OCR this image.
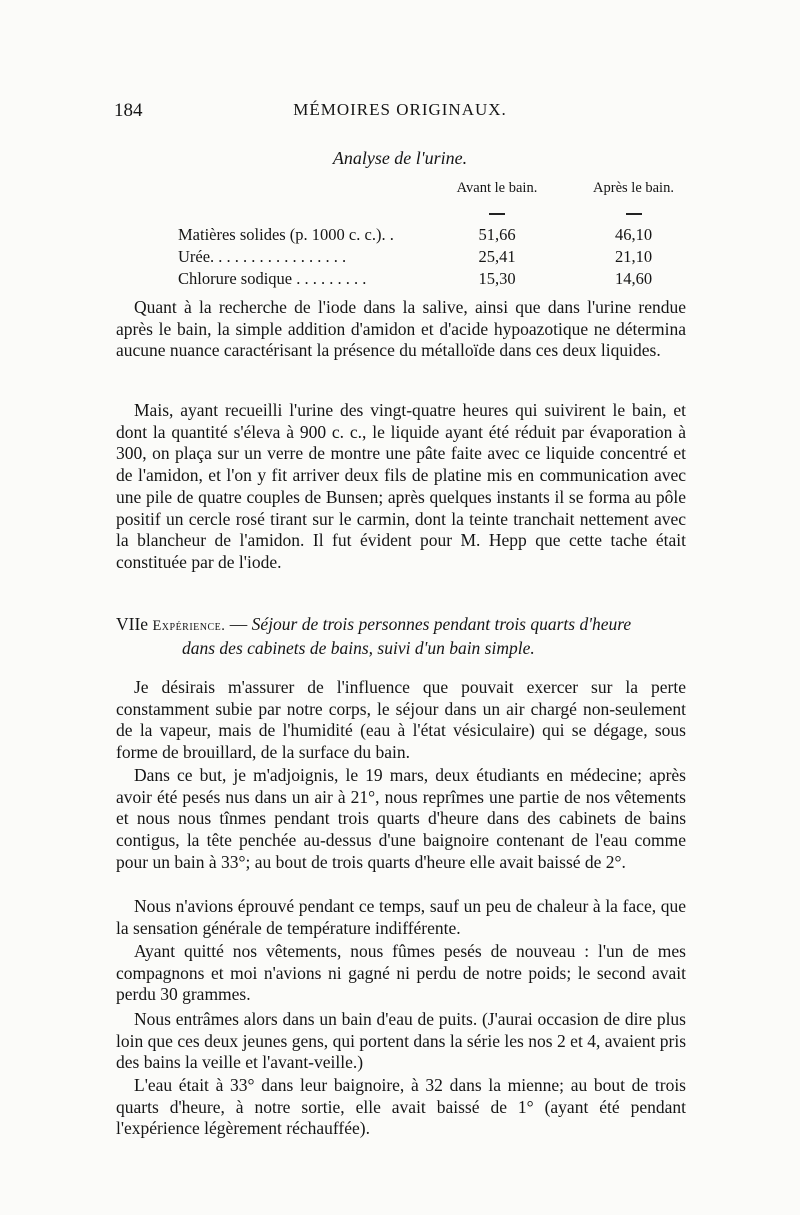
184	MÉMOIRES ORIGINAUX.
Analyse de l'urine.
	Avant le bain.	Après le bain.

Matières solides (p. 1000 c. c.). .	51,66	46,10
Urée. . . . . . . . . . . . . . . . .	25,41	21,10
Chlorure sodique . . . . . . . . .	15,30	14,60

Quant à la recherche de l'iode dans la salive, ainsi que dans l'urine rendue après le bain, la simple addition d'amidon et d'acide hypoazotique ne détermina aucune nuance caractérisant la présence du métalloïde dans ces deux liquides.

Mais, ayant recueilli l'urine des vingt-quatre heures qui suivirent le bain, et dont la quantité s'éleva à 900 c. c., le liquide ayant été réduit par évaporation à 300, on plaça sur un verre de montre une pâte faite avec ce liquide concentré et de l'amidon, et l'on y fit arriver deux fils de platine mis en communication avec une pile de quatre couples de Bunsen; après quelques instants il se forma au pôle positif un cercle rosé tirant sur le carmin, dont la teinte tranchait nettement avec la blancheur de l'amidon. Il fut évident pour M. Hepp que cette tache était constituée par de l'iode.

VIIe Expérience. — Séjour de trois personnes pendant trois quarts d'heure
dans des cabinets de bains, suivi d'un bain simple.

Je désirais m'assurer de l'influence que pouvait exercer sur la perte constamment subie par notre corps, le séjour dans un air chargé non-seulement de la vapeur, mais de l'humidité (eau à l'état vésiculaire) qui se dégage, sous forme de brouillard, de la surface du bain.

Dans ce but, je m'adjoignis, le 19 mars, deux étudiants en médecine; après avoir été pesés nus dans un air à 21°, nous reprîmes une partie de nos vêtements et nous nous tînmes pendant trois quarts d'heure dans des cabinets de bains contigus, la tête penchée au-dessus d'une baignoire contenant de l'eau comme pour un bain à 33°; au bout de trois quarts d'heure elle avait baissé de 2°.

Nous n'avions éprouvé pendant ce temps, sauf un peu de chaleur à la face, que la sensation générale de température indifférente.

Ayant quitté nos vêtements, nous fûmes pesés de nouveau : l'un de mes compagnons et moi n'avions ni gagné ni perdu de notre poids; le second avait perdu 30 grammes.

Nous entrâmes alors dans un bain d'eau de puits. (J'aurai occasion de dire plus loin que ces deux jeunes gens, qui portent dans la série les nos 2 et 4, avaient pris des bains la veille et l'avant-veille.)

L'eau était à 33° dans leur baignoire, à 32 dans la mienne; au bout de trois quarts d'heure, à notre sortie, elle avait baissé de 1° (ayant été pendant l'expérience légèrement réchauffée).
